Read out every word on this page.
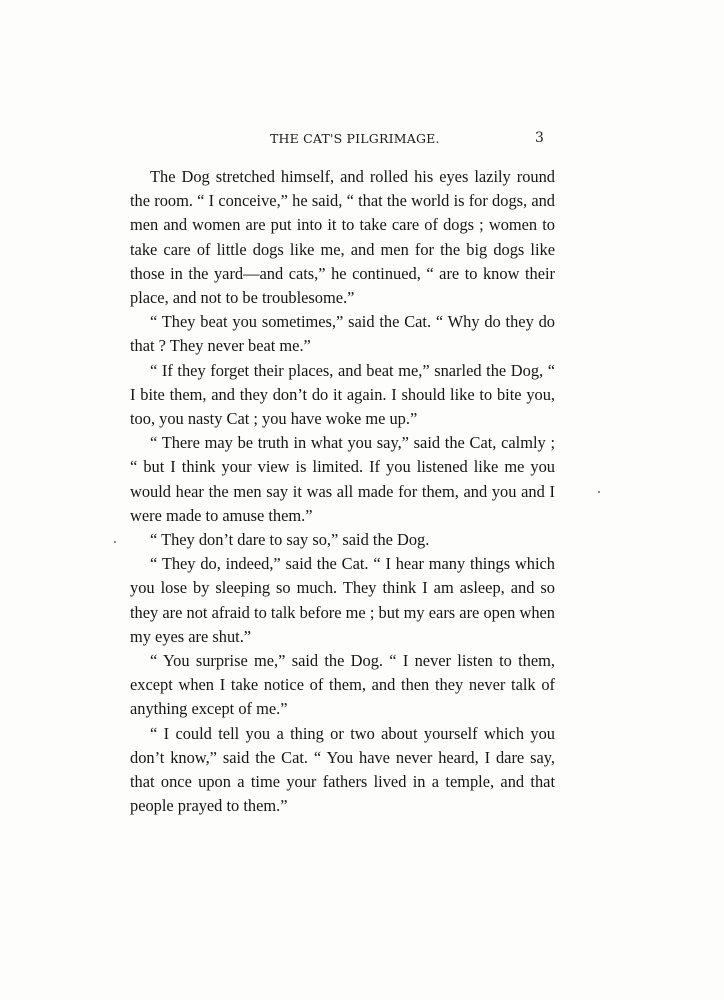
THE CAT'S PILGRIMAGE.	3

The Dog stretched himself, and rolled his eyes lazily round the room. “ I conceive,” he said, “ that the world is for dogs, and men and women are put into it to take care of dogs ; women to take care of little dogs like me, and men for the big dogs like those in the yard—and cats,” he continued, “ are to know their place, and not to be troublesome.”

“ They beat you sometimes,” said the Cat. “ Why do they do that ? They never beat me.”

“ If they forget their places, and beat me,” snarled the Dog, “ I bite them, and they don’t do it again. I should like to bite you, too, you nasty Cat ; you have woke me up.”

“ There may be truth in what you say,” said the Cat, calmly ; “ but I think your view is limited. If you listened like me you would hear the men say it was all made for them, and you and I were made to amuse them.”

“ They don’t dare to say so,” said the Dog.

“ They do, indeed,” said the Cat. “ I hear many things which you lose by sleeping so much. They think I am asleep, and so they are not afraid to talk before me ; but my ears are open when my eyes are shut.”

“ You surprise me,” said the Dog. “ I never listen to them, except when I take notice of them, and then they never talk of anything except of me.”

“ I could tell you a thing or two about yourself which you don’t know,” said the Cat. “ You have never heard, I dare say, that once upon a time your fathers lived in a temple, and that people prayed to them.”
